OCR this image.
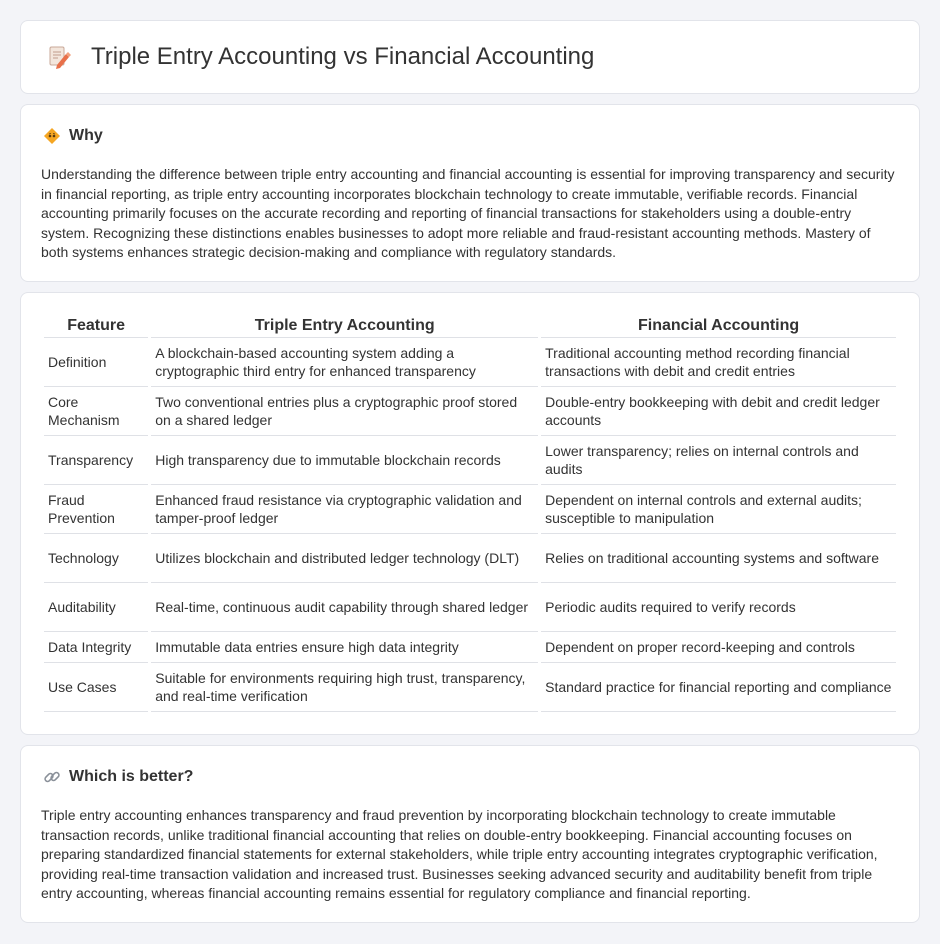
Triple Entry Accounting vs Financial Accounting
Why

Understanding the difference between triple entry accounting and financial accounting is essential for improving transparency and security in financial reporting, as triple entry accounting incorporates blockchain technology to create immutable, verifiable records. Financial accounting primarily focuses on the accurate recording and reporting of financial transactions for stakeholders using a double-entry system. Recognizing these distinctions enables businesses to adopt more reliable and fraud-resistant accounting methods. Mastery of both systems enhances strategic decision-making and compliance with regulatory standards.

Feature	Triple Entry Accounting	Financial Accounting
Definition	A blockchain-based accounting system adding a cryptographic third entry for enhanced transparency	Traditional accounting method recording financial transactions with debit and credit entries
Core Mechanism	Two conventional entries plus a cryptographic proof stored on a shared ledger	Double-entry bookkeeping with debit and credit ledger accounts
Transparency	High transparency due to immutable blockchain records	Lower transparency; relies on internal controls and audits
Fraud Prevention	Enhanced fraud resistance via cryptographic validation and tamper-proof ledger	Dependent on internal controls and external audits; susceptible to manipulation
Technology	Utilizes blockchain and distributed ledger technology (DLT)	Relies on traditional accounting systems and software
Auditability	Real-time, continuous audit capability through shared ledger	Periodic audits required to verify records
Data Integrity	Immutable data entries ensure high data integrity	Dependent on proper record-keeping and controls
Use Cases	Suitable for environments requiring high trust, transparency, and real-time verification	Standard practice for financial reporting and compliance
Which is better?

Triple entry accounting enhances transparency and fraud prevention by incorporating blockchain technology to create immutable transaction records, unlike traditional financial accounting that relies on double-entry bookkeeping. Financial accounting focuses on preparing standardized financial statements for external stakeholders, while triple entry accounting integrates cryptographic verification, providing real-time transaction validation and increased trust. Businesses seeking advanced security and auditability benefit from triple entry accounting, whereas financial accounting remains essential for regulatory compliance and financial reporting.
